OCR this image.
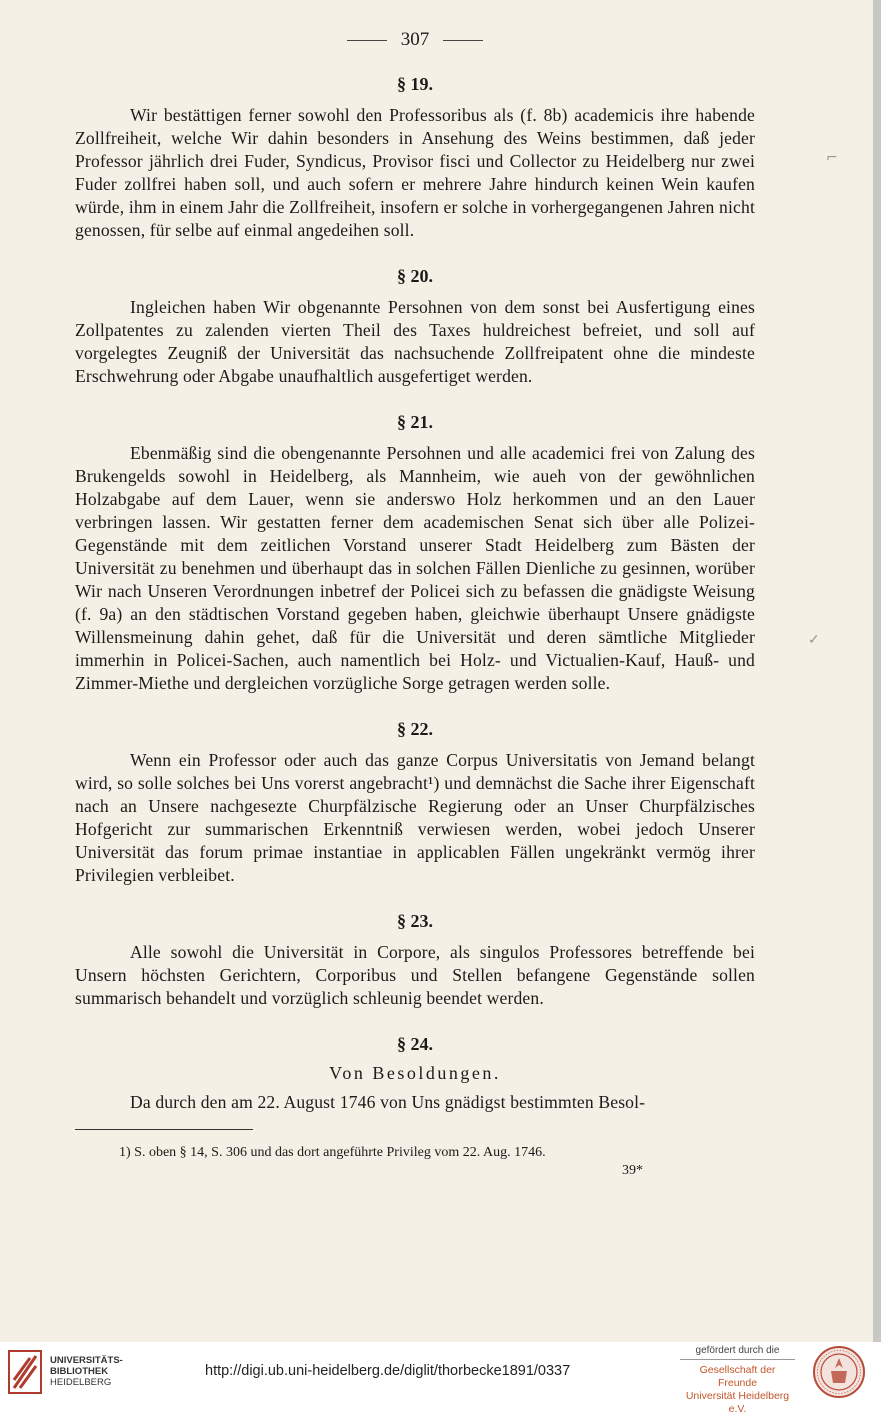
307
§ 19.

Wir bestättigen ferner sowohl den Professoribus als (f. 8b) academicis ihre habende Zollfreiheit, welche Wir dahin besonders in Ansehung des Weins bestimmen, daß jeder Professor jährlich drei Fuder, Syndicus, Provisor fisci und Collector zu Heidelberg nur zwei Fuder zollfrei haben soll, und auch sofern er mehrere Jahre hindurch keinen Wein kaufen würde, ihm in einem Jahr die Zollfreiheit, insofern er solche in vorhergegangenen Jahren nicht genossen, für selbe auf einmal angedeihen soll.

§ 20.

Ingleichen haben Wir obgenannte Persohnen von dem sonst bei Ausfertigung eines Zollpatentes zu zalenden vierten Theil des Taxes huldreichest befreiet, und soll auf vorgelegtes Zeugniß der Universität das nachsuchende Zollfreipatent ohne die mindeste Erschwehrung oder Abgabe unaufhaltlich ausgefertiget werden.

§ 21.

Ebenmäßig sind die obengenannte Persohnen und alle academici frei von Zalung des Brukengelds sowohl in Heidelberg, als Mannheim, wie aueh von der gewöhnlichen Holzabgabe auf dem Lauer, wenn sie anderswo Holz herkommen und an den Lauer verbringen lassen. Wir gestatten ferner dem academischen Senat sich über alle Polizei-Gegenstände mit dem zeitlichen Vorstand unserer Stadt Heidelberg zum Bästen der Universität zu benehmen und überhaupt das in solchen Fällen Dienliche zu gesinnen, worüber Wir nach Unseren Verordnungen inbetref der Policei sich zu befassen die gnädigste Weisung (f. 9a) an den städtischen Vorstand gegeben haben, gleichwie überhaupt Unsere gnädigste Willensmeinung dahin gehet, daß für die Universität und deren sämtliche Mitglieder immerhin in Policei-Sachen, auch namentlich bei Holz- und Victualien-Kauf, Hauß- und Zimmer-Miethe und dergleichen vorzügliche Sorge getragen werden solle.

§ 22.

Wenn ein Professor oder auch das ganze Corpus Universitatis von Jemand belangt wird, so solle solches bei Uns vorerst angebracht¹) und demnächst die Sache ihrer Eigenschaft nach an Unsere nachgesezte Churpfälzische Regierung oder an Unser Churpfälzisches Hofgericht zur summarischen Erkenntniß verwiesen werden, wobei jedoch Unserer Universität das forum primae instantiae in applicablen Fällen ungekränkt vermög ihrer Privilegien verbleibet.

§ 23.

Alle sowohl die Universität in Corpore, als singulos Professores betreffende bei Unsern höchsten Gerichtern, Corporibus und Stellen befangene Gegenstände sollen summarisch behandelt und vorzüglich schleunig beendet werden.

§ 24.

Von Besoldungen.

Da durch den am 22. August 1746 von Uns gnädigst bestimmten Besol-

1) S. oben § 14, S. 306 und das dort angeführte Privileg vom 22. Aug. 1746.

39*

⌐
✓
UNIVERSITÄTS-
BIBLIOTHEK
HEIDELBERG
http://digi.ub.uni-heidelberg.de/diglit/thorbecke1891/0337
gefördert durch die
Gesellschaft der Freunde
Universität Heidelberg e.V.
